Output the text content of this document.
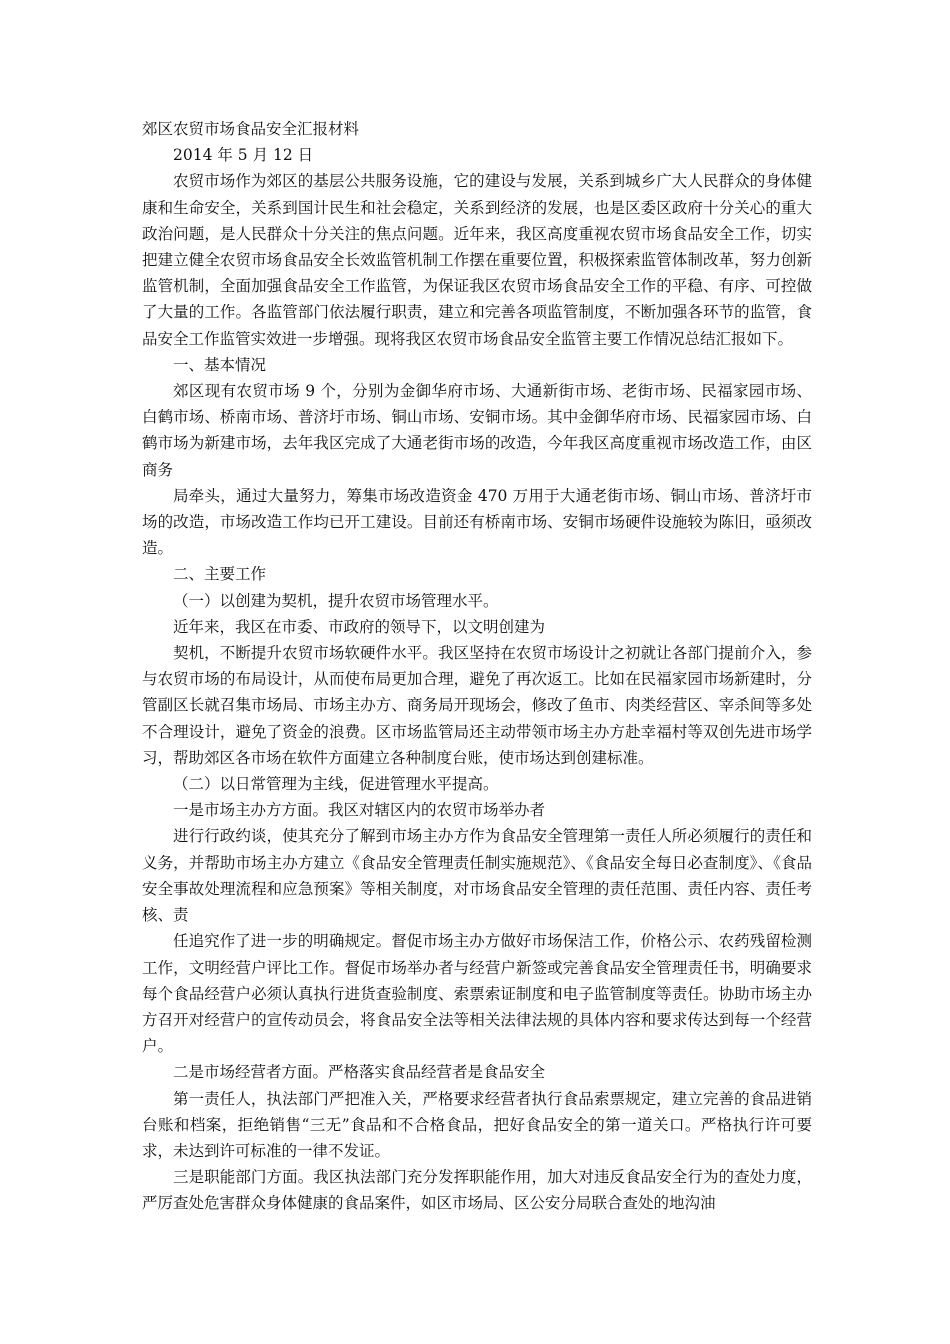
郊区农贸市场食品安全汇报材料

2014 年 5 月 12 日

农贸市场作为郊区的基层公共服务设施，它的建设与发展，关系到城乡广大人民群众的身体健康和生命安全，关系到国计民生和社会稳定，关系到经济的发展，也是区委区政府十分关心的重大政治问题，是人民群众十分关注的焦点问题。近年来，我区高度重视农贸市场食品安全工作，切实把建立健全农贸市场食品安全长效监管机制工作摆在重要位置，积极探索监管体制改革，努力创新监管机制，全面加强食品安全工作监管，为保证我区农贸市场食品安全工作的平稳、有序、可控做了大量的工作。各监管部门依法履行职责，建立和完善各项监管制度，不断加强各环节的监管，食品安全工作监管实效进一步增强。现将我区农贸市场食品安全监管主要工作情况总结汇报如下。

一、基本情况

郊区现有农贸市场 9 个，分别为金御华府市场、大通新街市场、老街市场、民福家园市场、白鹤市场、桥南市场、普济圩市场、铜山市场、安铜市场。其中金御华府市场、民福家园市场、白鹤市场为新建市场，去年我区完成了大通老街市场的改造，今年我区高度重视市场改造工作，由区商务

局牵头，通过大量努力，筹集市场改造资金 470 万用于大通老街市场、铜山市场、普济圩市场的改造，市场改造工作均已开工建设。目前还有桥南市场、安铜市场硬件设施较为陈旧，亟须改造。

二、主要工作

（一）以创建为契机，提升农贸市场管理水平。

近年来，我区在市委、市政府的领导下，以文明创建为

契机，不断提升农贸市场软硬件水平。我区坚持在农贸市场设计之初就让各部门提前介入，参与农贸市场的布局设计，从而使布局更加合理，避免了再次返工。比如在民福家园市场新建时，分管副区长就召集市场局、市场主办方、商务局开现场会，修改了鱼市、肉类经营区、宰杀间等多处不合理设计，避免了资金的浪费。区市场监管局还主动带领市场主办方赴幸福村等双创先进市场学习，帮助郊区各市场在软件方面建立各种制度台账，使市场达到创建标准。

（二）以日常管理为主线，促进管理水平提高。

一是市场主办方方面。我区对辖区内的农贸市场举办者

进行行政约谈，使其充分了解到市场主办方作为食品安全管理第一责任人所必须履行的责任和义务，并帮助市场主办方建立《食品安全管理责任制实施规范》、《食品安全每日必查制度》、《食品安全事故处理流程和应急预案》等相关制度，对市场食品安全管理的责任范围、责任内容、责任考核、责

任追究作了进一步的明确规定。督促市场主办方做好市场保洁工作，价格公示、农药残留检测工作，文明经营户评比工作。督促市场举办者与经营户新签或完善食品安全管理责任书，明确要求每个食品经营户必须认真执行进货查验制度、索票索证制度和电子监管制度等责任。协助市场主办方召开对经营户的宣传动员会，将食品安全法等相关法律法规的具体内容和要求传达到每一个经营户。

二是市场经营者方面。严格落实食品经营者是食品安全

第一责任人，执法部门严把准入关，严格要求经营者执行食品索票规定，建立完善的食品进销台账和档案，拒绝销售“三无”食品和不合格食品，把好食品安全的第一道关口。严格执行许可要求，未达到许可标准的一律不发证。

三是职能部门方面。我区执法部门充分发挥职能作用，加大对违反食品安全行为的查处力度，严厉查处危害群众身体健康的食品案件，如区市场局、区公安分局联合查处的地沟油
